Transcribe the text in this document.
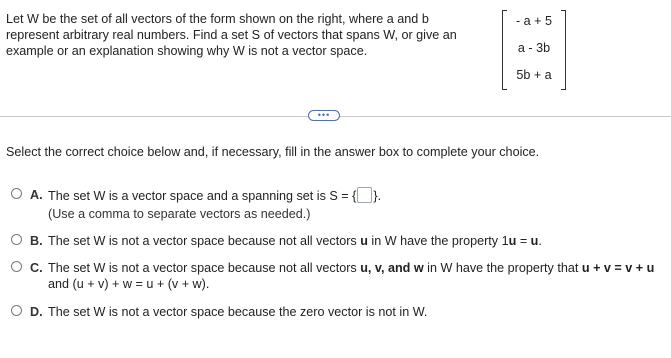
Let W be the set of all vectors of the form shown on the right, where a and b
represent arbitrary real numbers. Find a set S of vectors that spans W, or give an
example or an explanation showing why W is not a vector space.
- a + 5
a - 3b
5b + a
•••
Select the correct choice below and, if necessary, fill in the answer box to complete your choice.
A. The set W is a vector space and a spanning set is S = { }.
(Use a comma to separate vectors as needed.)
B. The set W is not a vector space because not all vectors u in W have the property 1u = u.
C. The set W is not a vector space because not all vectors u, v, and w in W have the property that u + v = v + u
and (u + v) + w = u + (v + w).
D. The set W is not a vector space because the zero vector is not in W.
